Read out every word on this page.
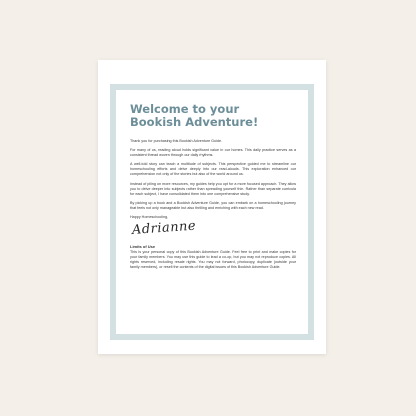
Welcome to your
Bookish Adventure!

Thank you for purchasing this Bookish Adventure Guide.

For many of us, reading aloud holds significant value in our homes. This daily practice serves as a consistent thread woven through our daily rhythms.

A well-told story can teach a multitude of subjects. This perspective guided me to streamline our homeschooling efforts and delve deeply into our read-alouds. This exploration enhanced our comprehension not only of the stories but also of the world around us.

Instead of piling on more resources, my guides help you opt for a more focused approach. They allow you to delve deeper into subjects rather than spreading yourself thin. Rather than separate curricula for each subject, I have consolidated them into one comprehensive study.

By picking up a book and a Bookish Adventure Guide, you can embark on a homeschooling journey that feels not only manageable but also thrilling and enriching with each new read.

Happy Homeschooling,

Adrianne
Limits of Use

This is your personal copy of this Bookish Adventure Guide. Feel free to print and make copies for your family members. You may use this guide to lead a co-op, but you may not reproduce copies. All rights reserved, including resale rights. You may not forward, photocopy, duplicate (outside your family members), or resell the contents of the digital issues of this Bookish Adventure Guide.
